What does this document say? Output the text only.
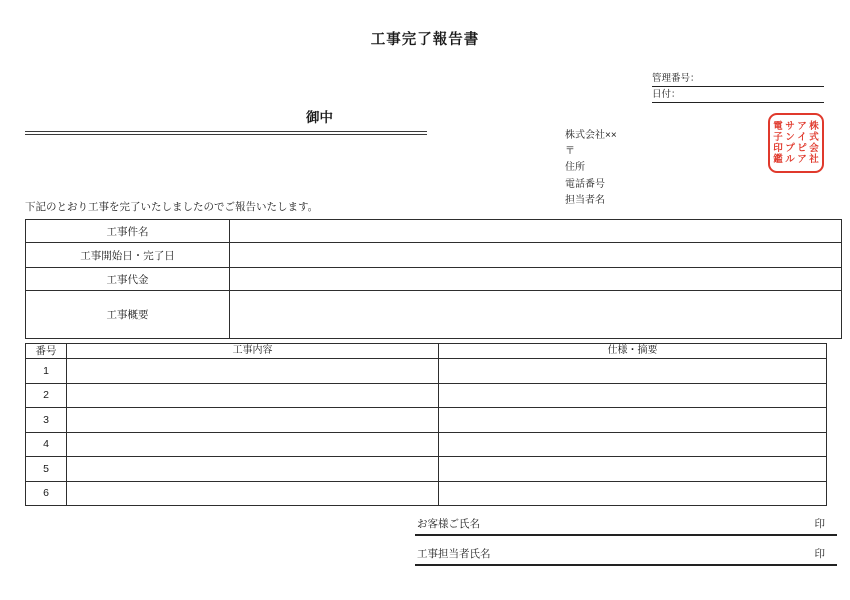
工事完了報告書
管理番号：
日付：
御中
株式会社××
〒
住所
電話番号
担当者名
株式会社
アイピア
サンプル
電子印鑑

下記のとおり工事を完了いたしましたのでご報告いたします。

工事件名	
工事開始日・完了日	
工事代金	
工事概要	
番号	工事内容	仕様・摘要
1		
2		
3		
4		
5		
6		
お客様ご氏名	印
工事担当者氏名	印
